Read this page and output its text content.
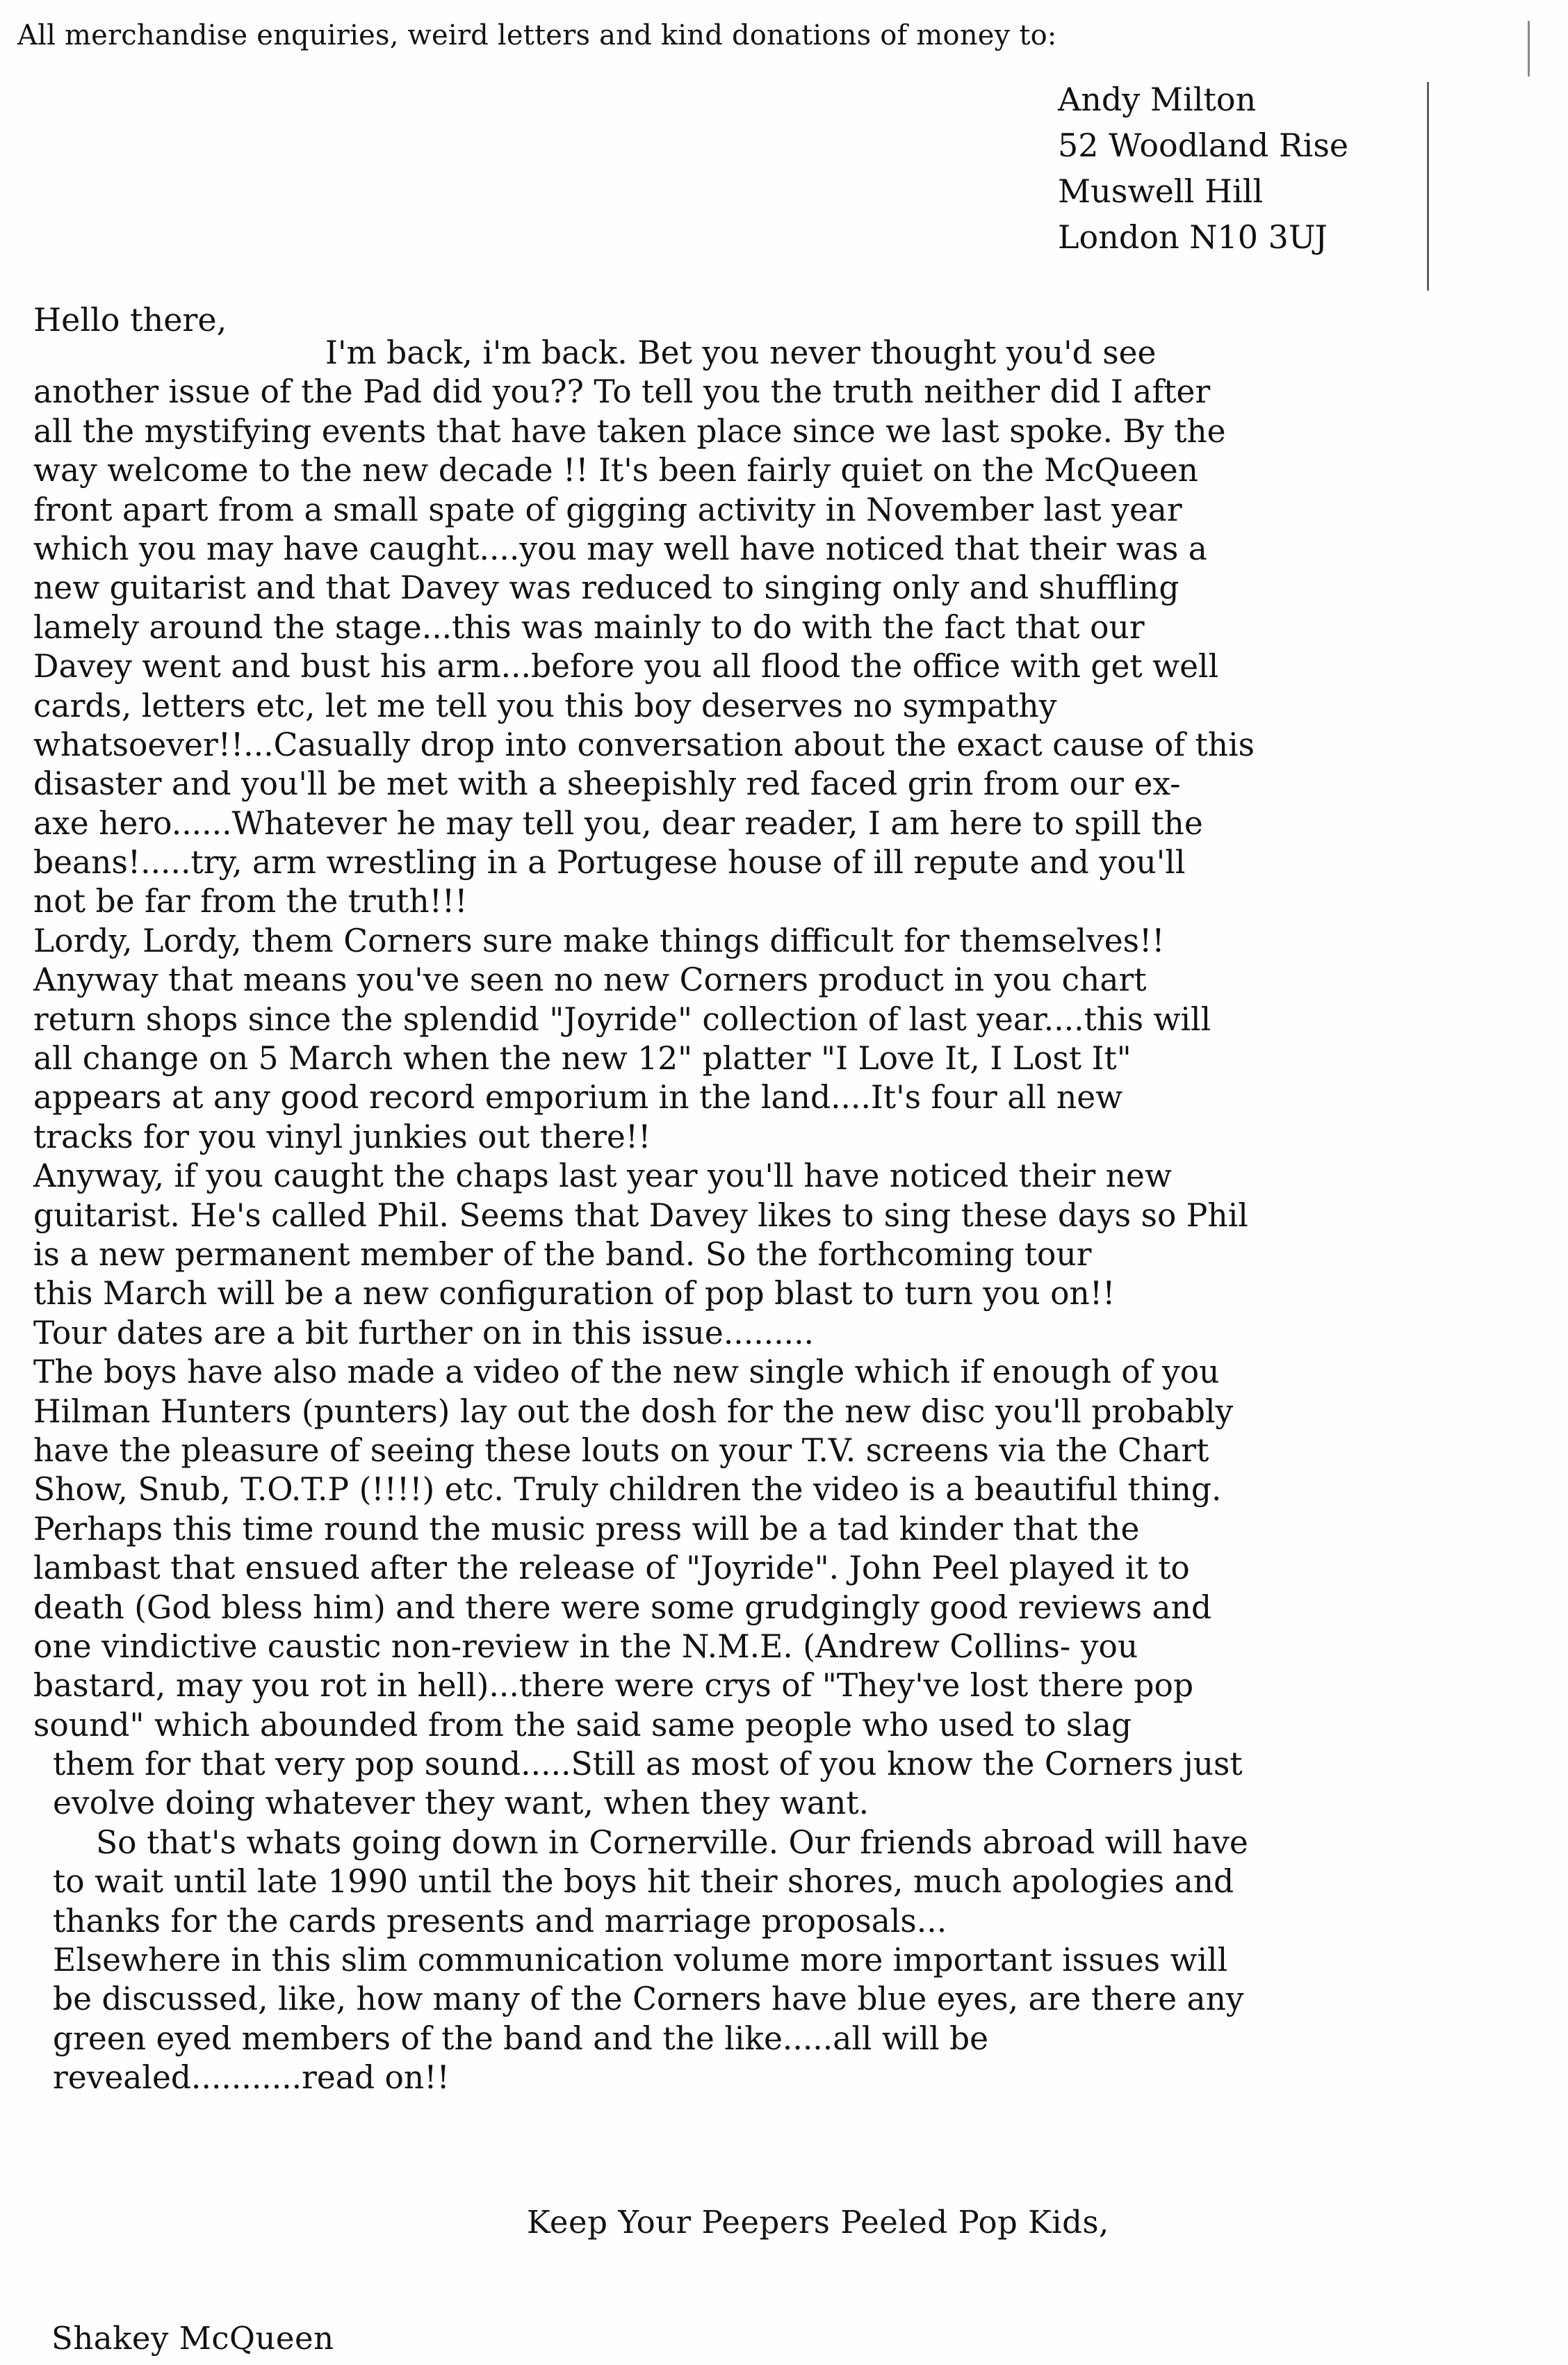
All merchandise enquiries, weird letters and kind donations of money to:
Andy Milton
52 Woodland Rise
Muswell Hill
London N10 3UJ
Hello there,
I'm back, i'm back. Bet you never thought you'd see
another issue of the Pad did you?? To tell you the truth neither did I after
all the mystifying events that have taken place since we last spoke. By the
way welcome to the new decade !! It's been fairly quiet on the McQueen
front apart from a small spate of gigging activity in November last year
which you may have caught....you may well have noticed that their was a
new guitarist and that Davey was reduced to singing only and shuffling
lamely around the stage...this was mainly to do with the fact that our
Davey went and bust his arm...before you all flood the office with get well
cards, letters etc, let me tell you this boy deserves no sympathy
whatsoever!!...Casually drop into conversation about the exact cause of this
disaster and you'll be met with a sheepishly red faced grin from our ex-
axe hero......Whatever he may tell you, dear reader, I am here to spill the
beans!.....try, arm wrestling in a Portugese house of ill repute and you'll
not be far from the truth!!!
Lordy, Lordy, them Corners sure make things difficult for themselves!!
Anyway that means you've seen no new Corners product in you chart
return shops since the splendid "Joyride" collection of last year....this will
all change on 5 March when the new 12" platter "I Love It, I Lost It"
appears at any good record emporium in the land....It's four all new
tracks for you vinyl junkies out there!!
Anyway, if you caught the chaps last year you'll have noticed their new
guitarist. He's called Phil. Seems that Davey likes to sing these days so Phil
is a new permanent member of the band. So the forthcoming tour
this March will be a new configuration of pop blast to turn you on!!
Tour dates are a bit further on in this issue.........
The boys have also made a video of the new single which if enough of you
Hilman Hunters (punters) lay out the dosh for the new disc you'll probably
have the pleasure of seeing these louts on your T.V. screens via the Chart
Show, Snub, T.O.T.P (!!!!) etc. Truly children the video is a beautiful thing.
Perhaps this time round the music press will be a tad kinder that the
lambast that ensued after the release of "Joyride". John Peel played it to
death (God bless him) and there were some grudgingly good reviews and
one vindictive caustic non-review in the N.M.E. (Andrew Collins- you
bastard, may you rot in hell)...there were crys of "They've lost there pop
sound" which abounded from the said same people who used to slag
them for that very pop sound.....Still as most of you know the Corners just
evolve doing whatever they want, when they want.
So that's whats going down in Cornerville. Our friends abroad will have
to wait until late 1990 until the boys hit their shores, much apologies and
thanks for the cards presents and marriage proposals...
Elsewhere in this slim communication volume more important issues will
be discussed, like, how many of the Corners have blue eyes, are there any
green eyed members of the band and the like.....all will be
revealed...........read on!!
Keep Your Peepers Peeled Pop Kids,
Shakey McQueen
